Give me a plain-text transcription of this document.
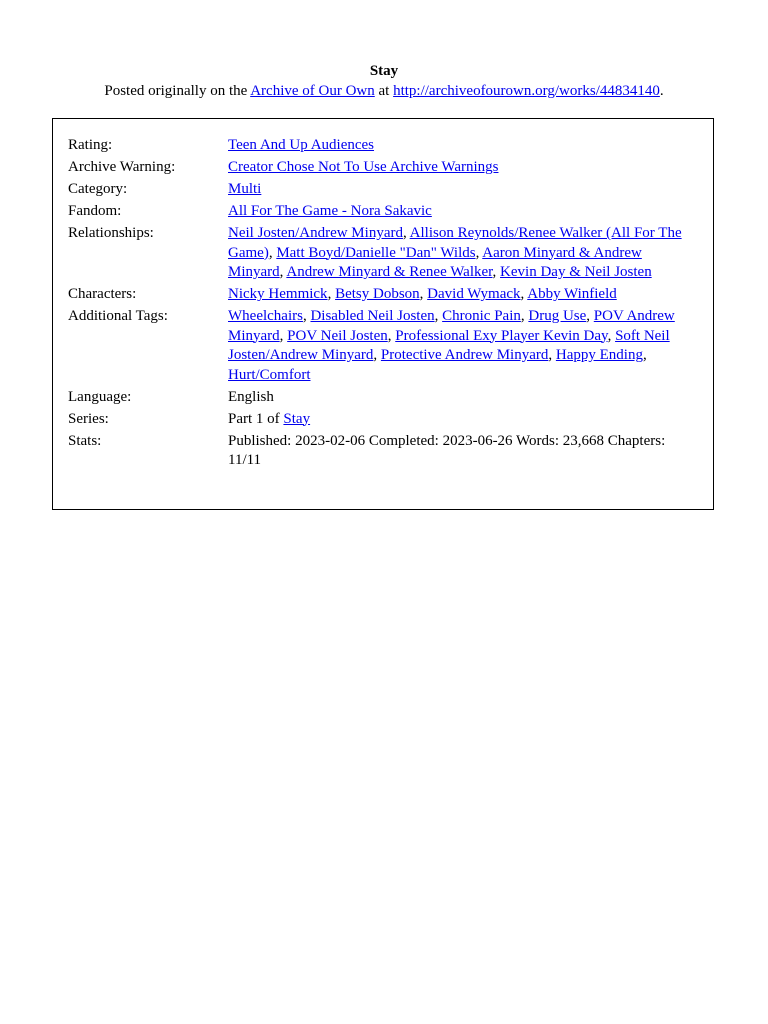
Stay
Posted originally on the Archive of Our Own at http://archiveofourown.org/works/44834140.
Rating:	Teen And Up Audiences
Archive Warning:	Creator Chose Not To Use Archive Warnings
Category:	Multi
Fandom:	All For The Game - Nora Sakavic
Relationships:	Neil Josten/Andrew Minyard, Allison Reynolds/Renee Walker (All For The Game), Matt Boyd/Danielle "Dan" Wilds, Aaron Minyard & Andrew Minyard, Andrew Minyard & Renee Walker, Kevin Day & Neil Josten
Characters:	Nicky Hemmick, Betsy Dobson, David Wymack, Abby Winfield
Additional Tags:	Wheelchairs, Disabled Neil Josten, Chronic Pain, Drug Use, POV Andrew Minyard, POV Neil Josten, Professional Exy Player Kevin Day, Soft Neil Josten/Andrew Minyard, Protective Andrew Minyard, Happy Ending, Hurt/Comfort
Language:	English
Series:	Part 1 of Stay
Stats:	Published: 2023-02-06 Completed: 2023-06-26 Words: 23,668 Chapters: 11/11
